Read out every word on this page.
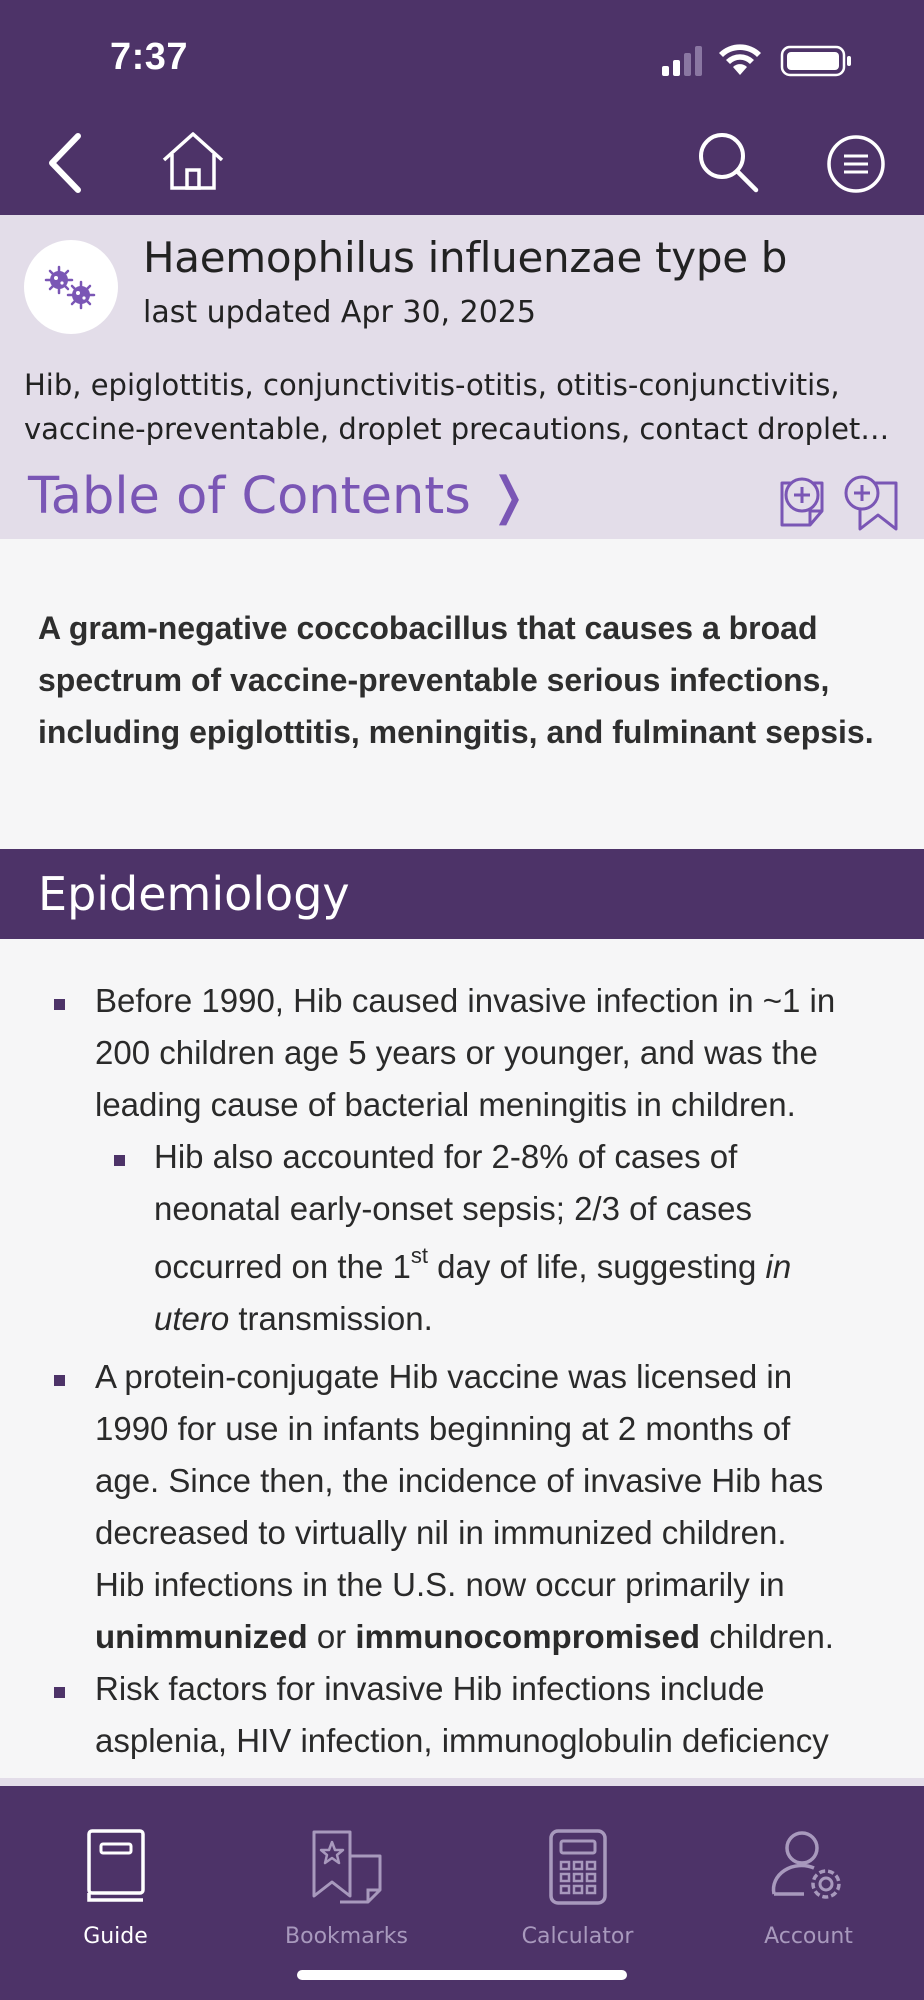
7:37
Haemophilus influenzae type b
last updated Apr 30, 2025
Hib, epiglottitis, conjunctivitis-otitis, otitis-conjunctivitis,
vaccine-preventable, droplet precautions, contact droplet…
Table of Contents ❭
A gram-negative coccobacillus that causes a broad spectrum of vaccine-preventable serious infections, including epiglottitis, meningitis, and fulminant sepsis.
Epidemiology
Before 1990, Hib caused invasive infection in ~1 in
200 children age 5 years or younger, and was the
leading cause of bacterial meningitis in children.
Hib also accounted for 2-8% of cases of
neonatal early-onset sepsis; 2/3 of cases
occurred on the 1st day of life, suggesting in
utero transmission.
A protein-conjugate Hib vaccine was licensed in
1990 for use in infants beginning at 2 months of
age. Since then, the incidence of invasive Hib has
decreased to virtually nil in immunized children.
Hib infections in the U.S. now occur primarily in
unimmunized or immunocompromised children.
Risk factors for invasive Hib infections include
asplenia, HIV infection, immunoglobulin deficiency
Guide	Bookmarks	Calculator	Account
